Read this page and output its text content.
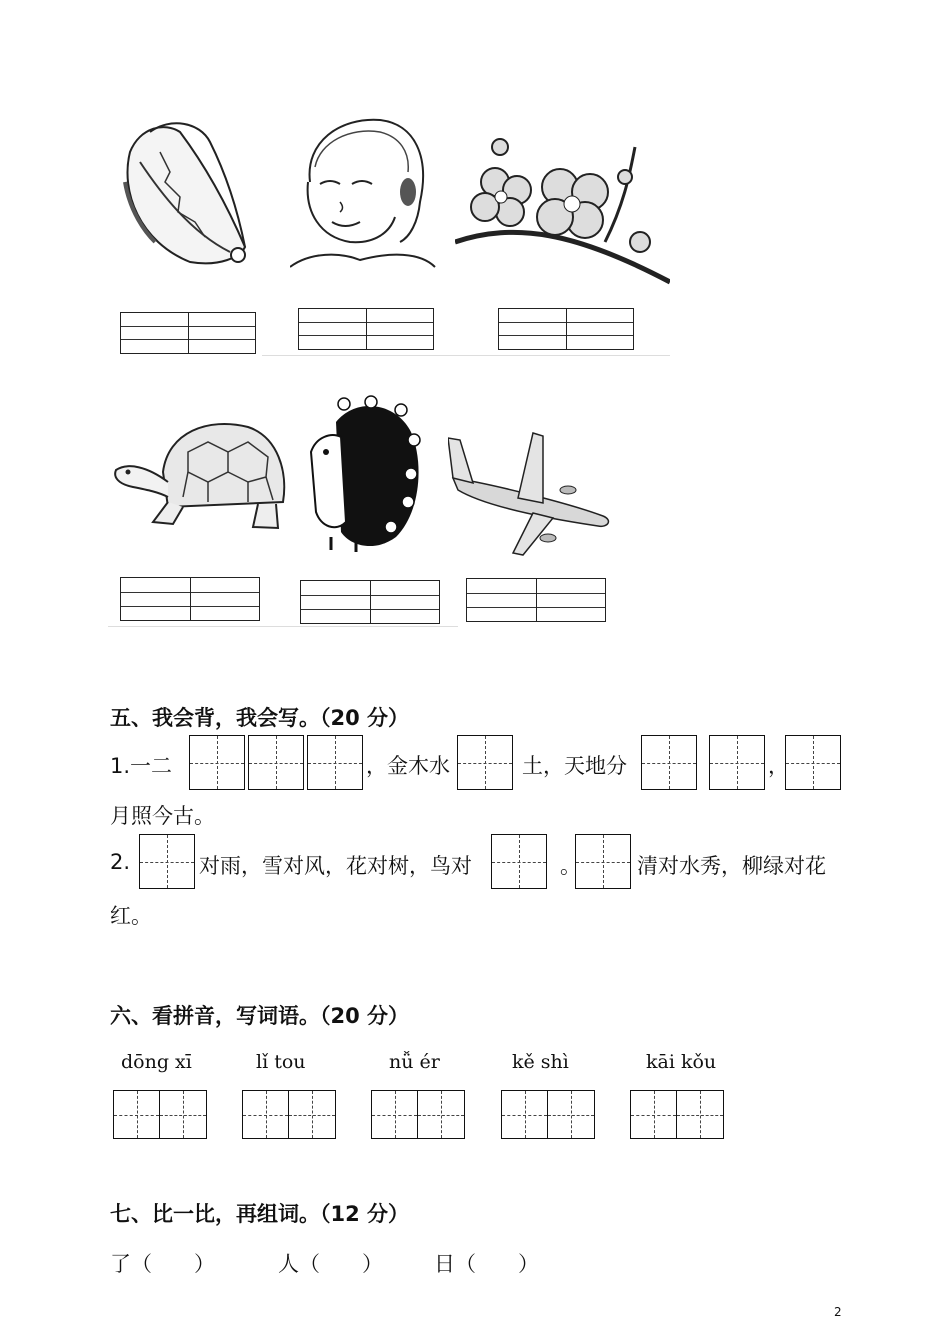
五、我会背，我会写。（20 分）
1.一二	，金木水	土，天地分	，
月照今古。
2.	对雨，雪对风，花对树，鸟对	。	清对水秀，柳绿对花
红。
六、看拼音，写词语。（20 分）
dōng xī	lǐ tou	nǚ ér	kě shì	kāi kǒu
七、比一比，再组词。（12 分）
了（　　）	人（　　） 日（　　）
2
